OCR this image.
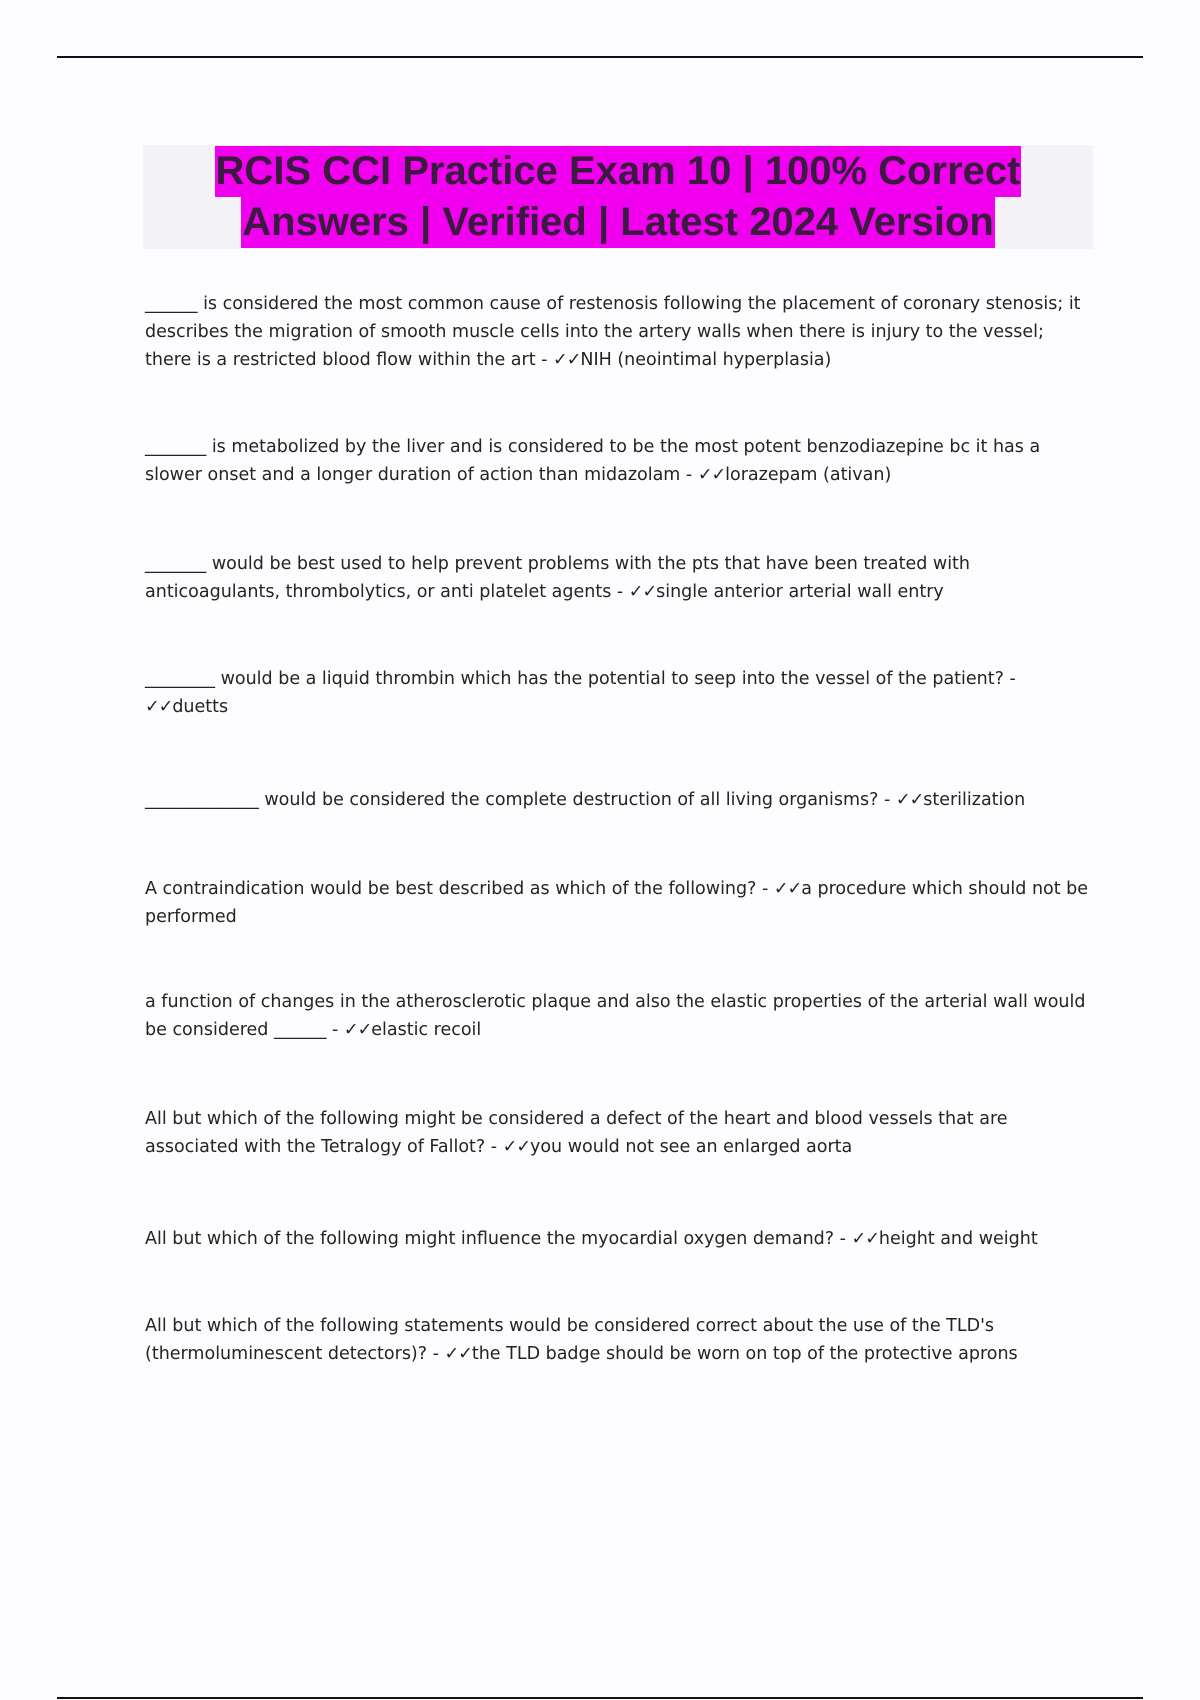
RCIS CCI Practice Exam 10 | 100% Correct
Answers | Verified | Latest 2024 Version
______ is considered the most common cause of restenosis following the placement of coronary stenosis; it describes the migration of smooth muscle cells into the artery walls when there is injury to the vessel; there is a restricted blood flow within the art - ✓✓NIH (neointimal hyperplasia)
_______ is metabolized by the liver and is considered to be the most potent benzodiazepine bc it has a slower onset and a longer duration of action than midazolam - ✓✓lorazepam (ativan)
_______ would be best used to help prevent problems with the pts that have been treated with anticoagulants, thrombolytics, or anti platelet agents - ✓✓single anterior arterial wall entry
________ would be a liquid thrombin which has the potential to seep into the vessel of the patient? - ✓✓duetts
_____________ would be considered the complete destruction of all living organisms? - ✓✓sterilization
A contraindication would be best described as which of the following? - ✓✓a procedure which should not be performed
a function of changes in the atherosclerotic plaque and also the elastic properties of the arterial wall would be considered ______ - ✓✓elastic recoil
All but which of the following might be considered a defect of the heart and blood vessels that are associated with the Tetralogy of Fallot? - ✓✓you would not see an enlarged aorta
All but which of the following might influence the myocardial oxygen demand? - ✓✓height and weight
All but which of the following statements would be considered correct about the use of the TLD's (thermoluminescent detectors)? - ✓✓the TLD badge should be worn on top of the protective aprons
